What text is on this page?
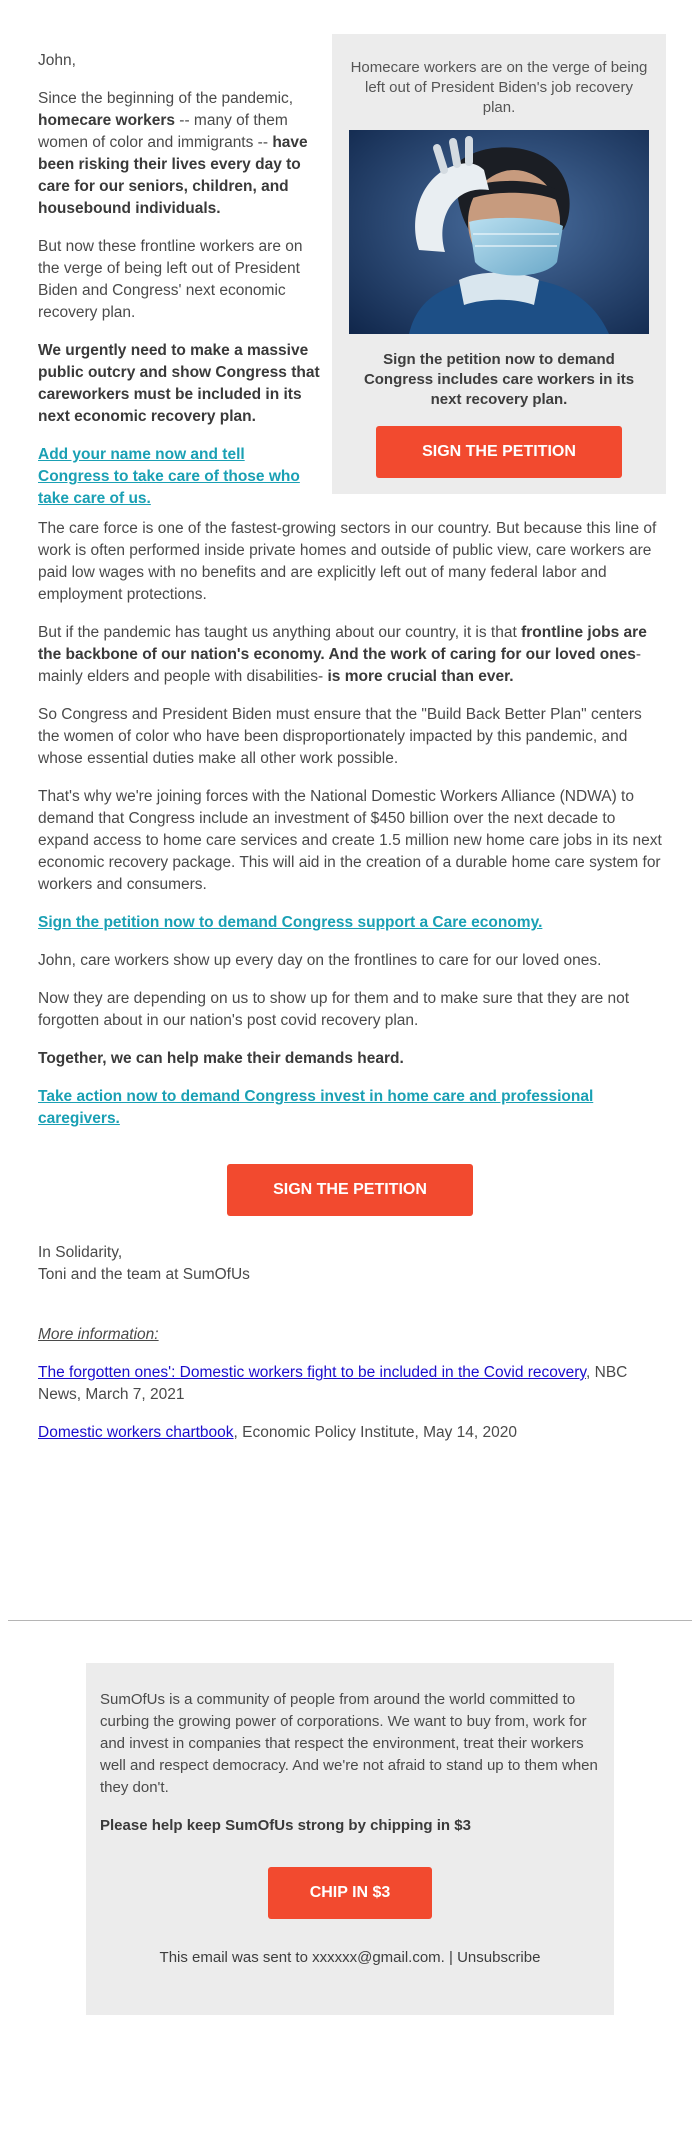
John,

Since the beginning of the pandemic, homecare workers -- many of them women of color and immigrants -- have been risking their lives every day to care for our seniors, children, and housebound individuals.

But now these frontline workers are on the verge of being left out of President Biden and Congress' next economic recovery plan.

We urgently need to make a massive public outcry and show Congress that careworkers must be included in its next economic recovery plan.

Add your name now and tell Congress to take care of those who take care of us.

Homecare workers are on the verge of being left out of President Biden's job recovery plan.
Sign the petition now to demand Congress includes care workers in its next recovery plan.
SIGN THE PETITION

The care force is one of the fastest-growing sectors in our country. But because this line of work is often performed inside private homes and outside of public view, care workers are paid low wages with no benefits and are explicitly left out of many federal labor and employment protections.

But if the pandemic has taught us anything about our country, it is that frontline jobs are the backbone of our nation's economy. And the work of caring for our loved ones- mainly elders and people with disabilities- is more crucial than ever.

So Congress and President Biden must ensure that the "Build Back Better Plan" centers the women of color who have been disproportionately impacted by this pandemic, and whose essential duties make all other work possible.

That's why we're joining forces with the National Domestic Workers Alliance (NDWA) to demand that Congress include an investment of $450 billion over the next decade to expand access to home care services and create 1.5 million new home care jobs in its next economic recovery package. This will aid in the creation of a durable home care system for workers and consumers.

Sign the petition now to demand Congress support a Care economy.

John, care workers show up every day on the frontlines to care for our loved ones.

Now they are depending on us to show up for them and to make sure that they are not forgotten about in our nation's post covid recovery plan.

Together, we can help make their demands heard.

Take action now to demand Congress invest in home care and professional caregivers.

SIGN THE PETITION

In Solidarity,
Toni and the team at SumOfUs

More information:

The forgotten ones': Domestic workers fight to be included in the Covid recovery, NBC News, March 7, 2021

Domestic workers chartbook, Economic Policy Institute, May 14, 2020

SumOfUs is a community of people from around the world committed to curbing the growing power of corporations. We want to buy from, work for and invest in companies that respect the environment, treat their workers well and respect democracy. And we're not afraid to stand up to them when they don't.

Please help keep SumOfUs strong by chipping in $3

CHIP IN $3
This email was sent to xxxxxx@gmail.com. | Unsubscribe
